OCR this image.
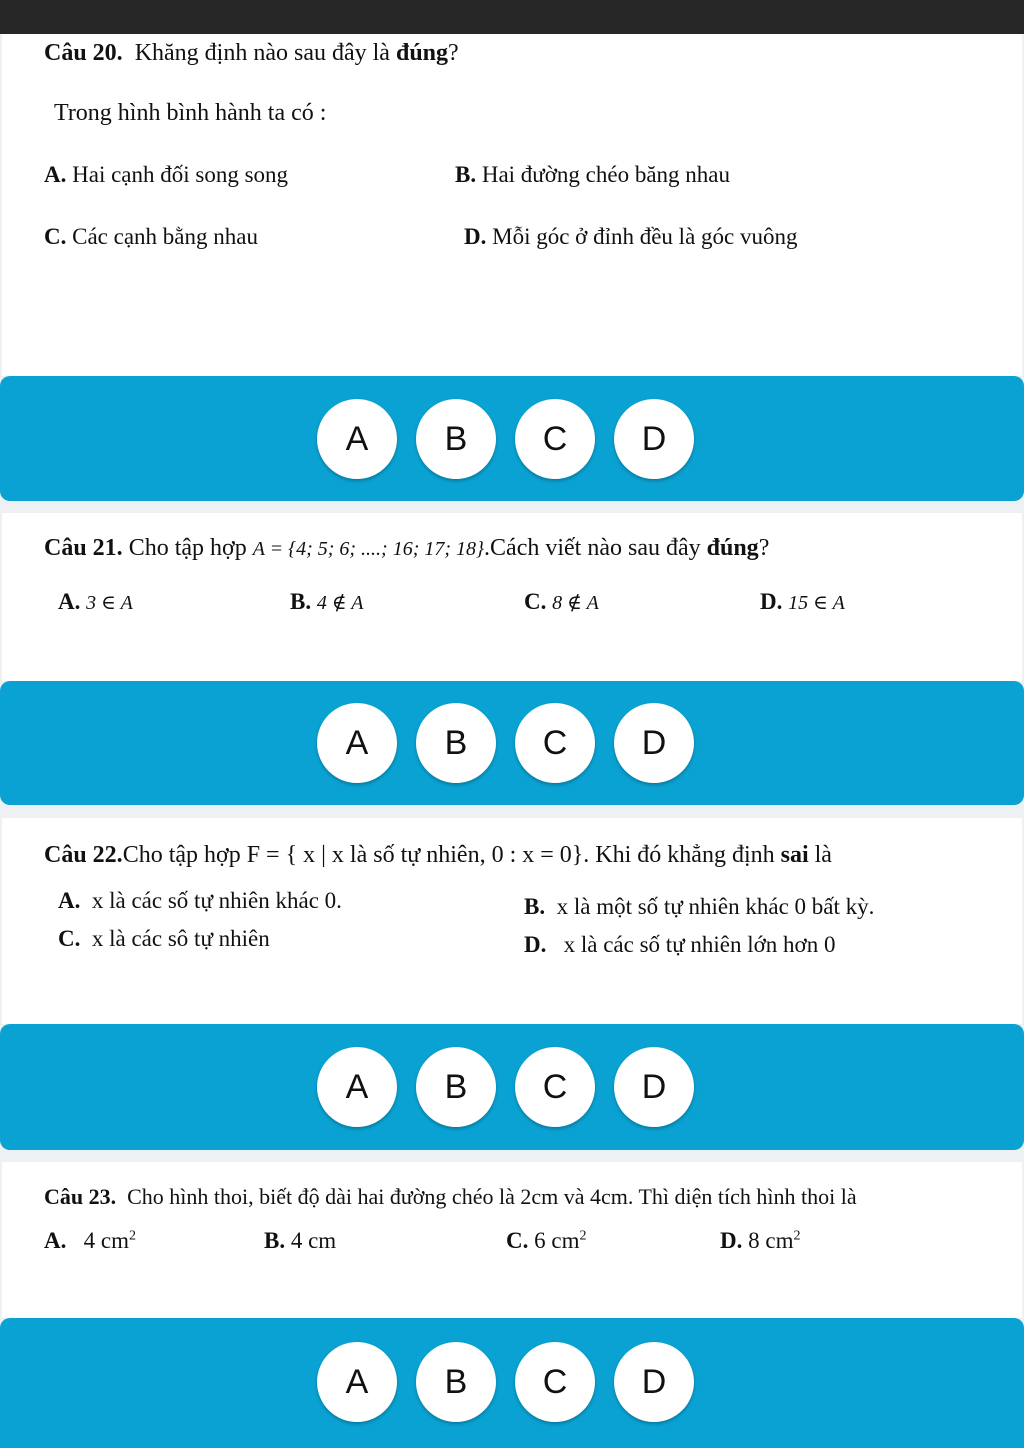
Câu 20. Khăng định nào sau đây là đúng?
Trong hình bình hành ta có :
A. Hai cạnh đối song song	B. Hai đường chéo băng nhau
C. Các cạnh bằng nhau	D. Mỗi góc ở đỉnh đều là góc vuông
A	B	C	D
Câu 21. Cho tập hợp A = {4; 5; 6; ....; 16; 17; 18}.Cách viết nào sau đây đúng?
A. 3 ∈ A	B. 4 ∉ A	C. 8 ∉ A	D. 15 ∈ A
A	B	C	D
Câu 22.Cho tập hợp F = { x | x là số tự nhiên, 0 : x = 0}. Khi đó khẳng định sai là
A. x là các số tự nhiên khác 0.	B. x là một số tự nhiên khác 0 bất kỳ.
C. x là các sô tự nhiên	D. x là các số tự nhiên lớn hơn 0
A	B	C	D
Câu 23. Cho hình thoi, biết độ dài hai đường chéo là 2cm và 4cm. Thì diện tích hình thoi là
A. 4 $cm^2$	B. 4 cm	C. 6 $cm^2$	D. 8 $cm^2$
A	B	C	D
